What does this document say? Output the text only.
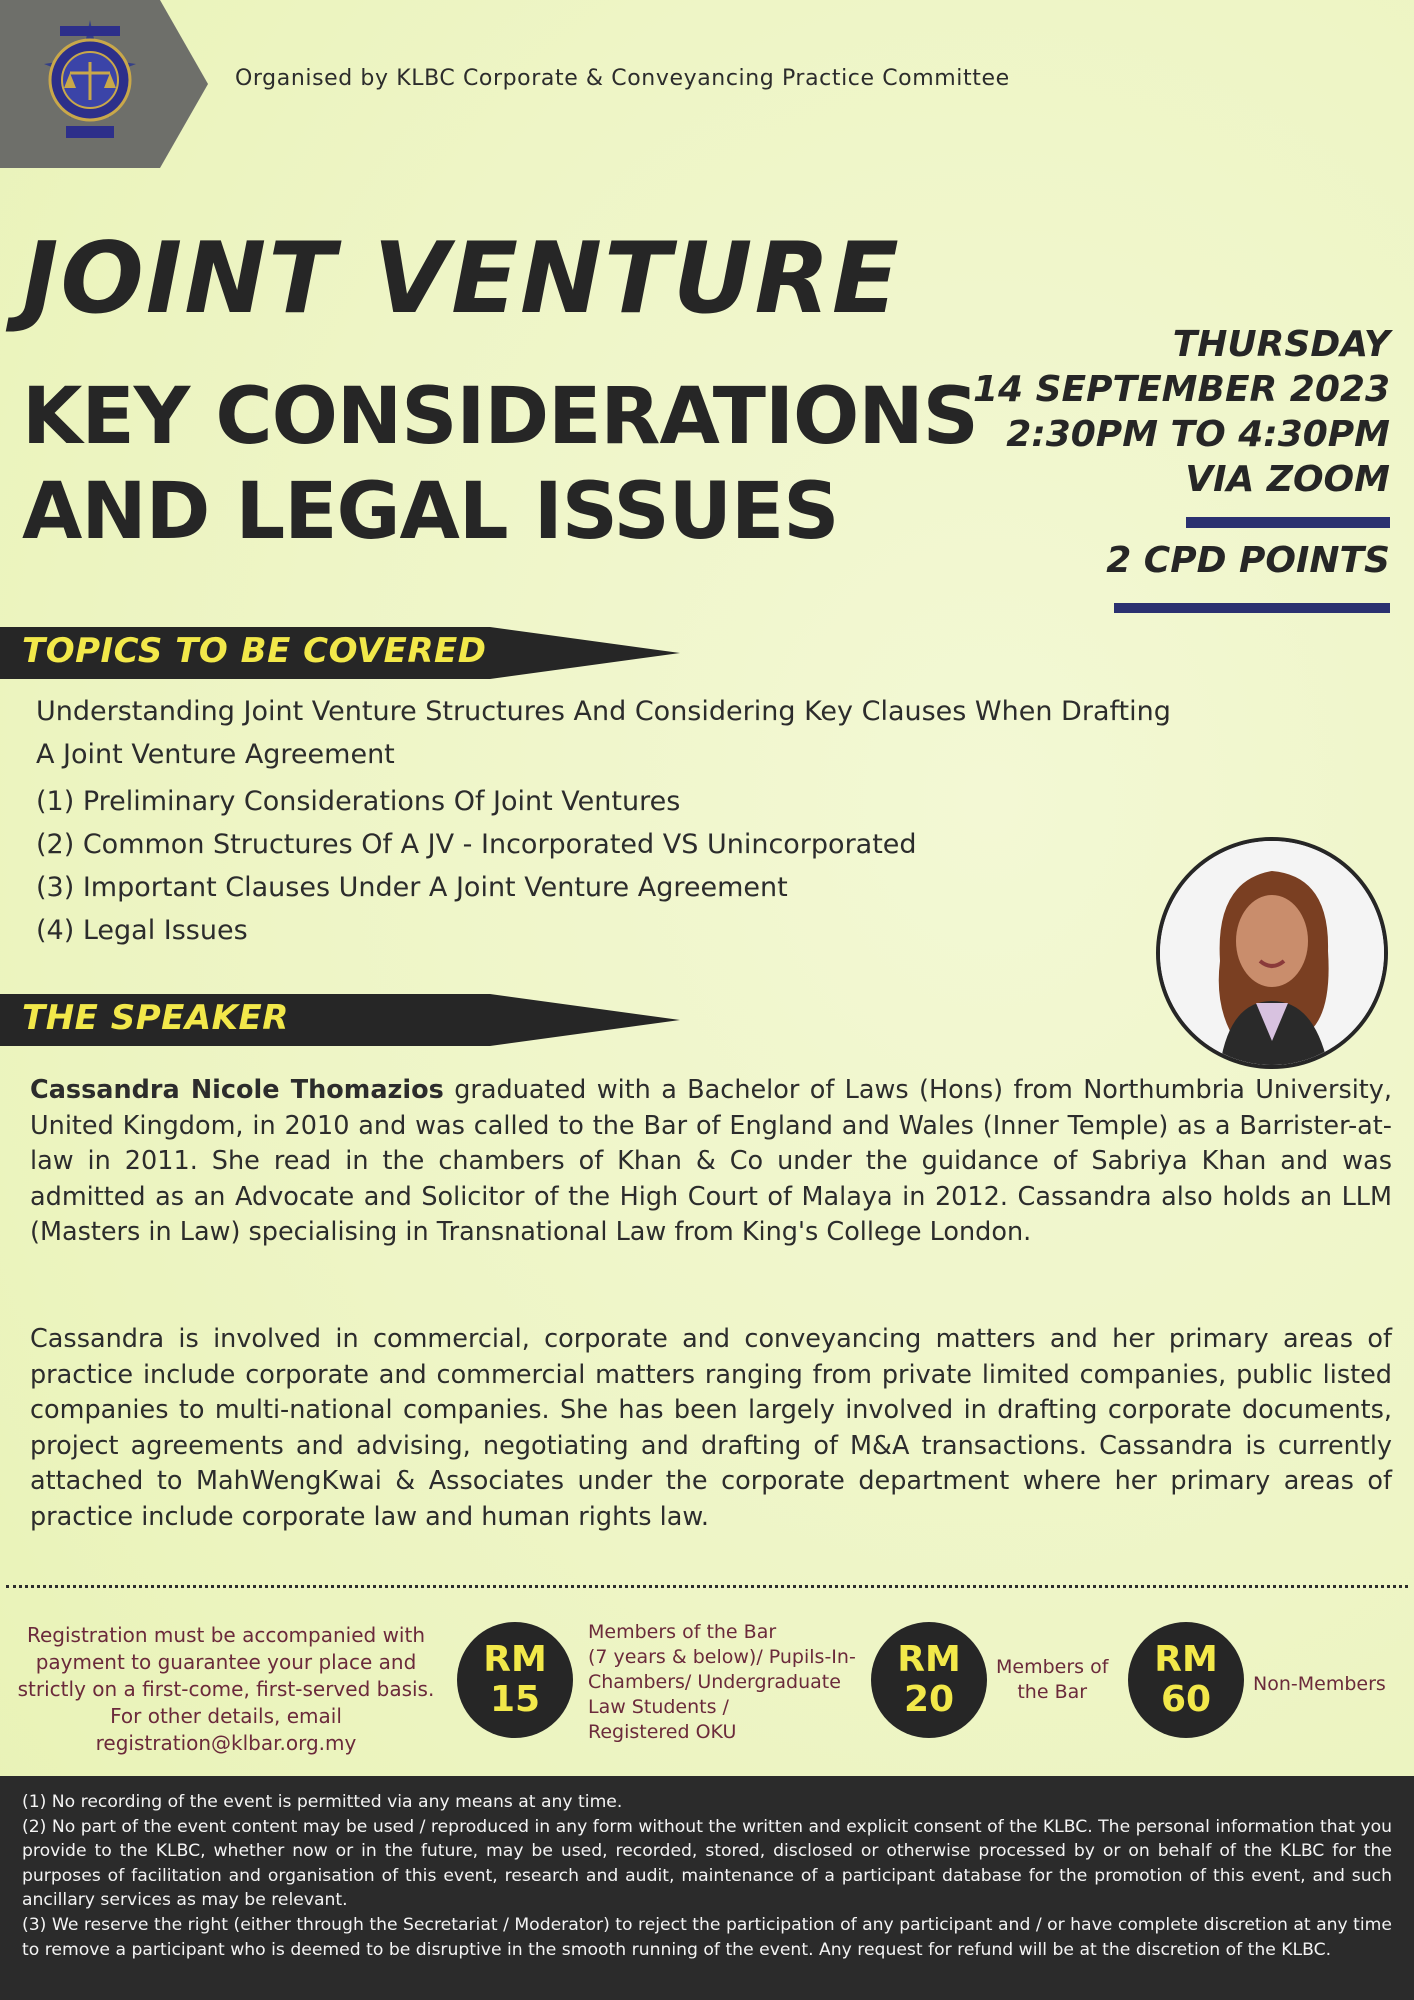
Organised by KLBC Corporate & Conveyancing Practice Committee
JOINT VENTURE
KEY CONSIDERATIONS
AND LEGAL ISSUES
THURSDAY
14 SEPTEMBER 2023
2:30PM TO 4:30PM
VIA ZOOM
2 CPD POINTS
TOPICS TO BE COVERED
Understanding Joint Venture Structures And Considering Key Clauses When Drafting
A Joint Venture Agreement
(1) Preliminary Considerations Of Joint Ventures
(2) Common Structures Of A JV - Incorporated VS Unincorporated
(3) Important Clauses Under A Joint Venture Agreement
(4) Legal Issues
THE SPEAKER
Cassandra Nicole Thomazios graduated with a Bachelor of Laws (Hons) from Northumbria University, United Kingdom, in 2010 and was called to the Bar of England and Wales (Inner Temple) as a Barrister-at-law in 2011. She read in the chambers of Khan & Co under the guidance of Sabriya Khan and was admitted as an Advocate and Solicitor of the High Court of Malaya in 2012. Cassandra also holds an LLM (Masters in Law) specialising in Transnational Law from King's College London.
Cassandra is involved in commercial, corporate and conveyancing matters and her primary areas of practice include corporate and commercial matters ranging from private limited companies, public listed companies to multi-national companies. She has been largely involved in drafting corporate documents, project agreements and advising, negotiating and drafting of M&A transactions. Cassandra is currently attached to MahWengKwai & Associates under the corporate department where her primary areas of practice include corporate law and human rights law.
Registration must be accompanied with
payment to guarantee your place and
strictly on a first-come, first-served basis.
For other details, email
registration@klbar.org.my
RM
15
Members of the Bar
(7 years & below)/ Pupils-In-
Chambers/ Undergraduate
Law Students /
Registered OKU
RM
20
Members of
the Bar
RM
60	Non-Members
(1) No recording of the event is permitted via any means at any time.
(2) No part of the event content may be used / reproduced in any form without the written and explicit consent of the KLBC. The personal information that you provide to the KLBC, whether now or in the future, may be used, recorded, stored, disclosed or otherwise processed by or on behalf of the KLBC for the purposes of facilitation and organisation of this event, research and audit, maintenance of a participant database for the promotion of this event, and such ancillary services as may be relevant.
(3) We reserve the right (either through the Secretariat / Moderator) to reject the participation of any participant and / or have complete discretion at any time to remove a participant who is deemed to be disruptive in the smooth running of the event. Any request for refund will be at the discretion of the KLBC.
